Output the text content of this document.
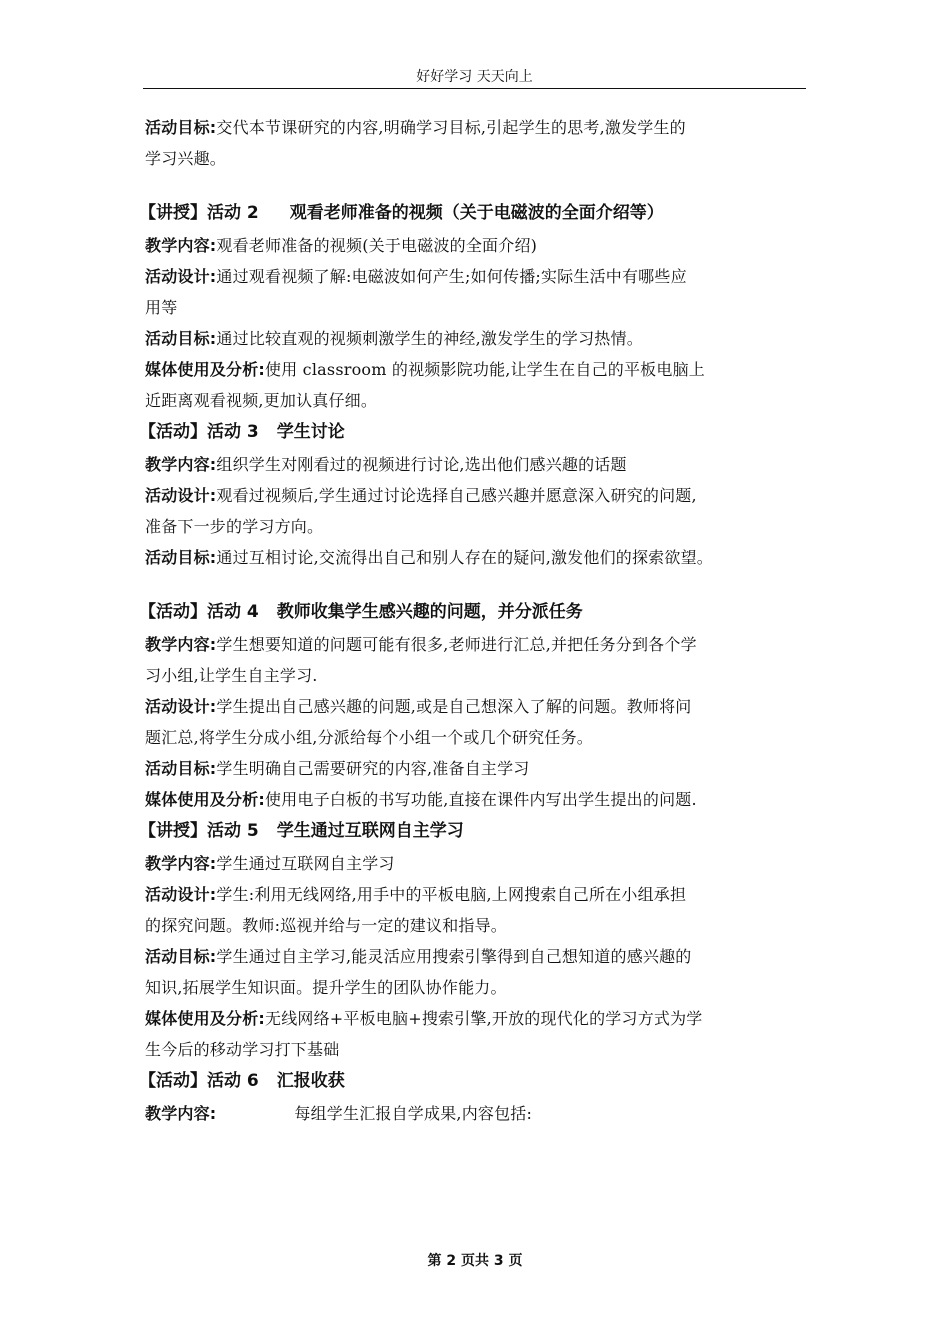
好好学习 天天向上
活动目标:交代本节课研究的内容,明确学习目标,引起学生的思考,激发学生的
学习兴趣。
【讲授】活动 2 观看老师准备的视频（关于电磁波的全面介绍等）
教学内容:观看老师准备的视频(关于电磁波的全面介绍)
活动设计:通过观看视频了解:电磁波如何产生;如何传播;实际生活中有哪些应
用等
活动目标:通过比较直观的视频刺激学生的神经,激发学生的学习热情。
媒体使用及分析:使用 classroom 的视频影院功能,让学生在自己的平板电脑上
近距离观看视频,更加认真仔细。
【活动】活动 3 学生讨论
教学内容:组织学生对刚看过的视频进行讨论,选出他们感兴趣的话题
活动设计:观看过视频后,学生通过讨论选择自己感兴趣并愿意深入研究的问题,
准备下一步的学习方向。
活动目标:通过互相讨论,交流得出自己和别人存在的疑问,激发他们的探索欲望。
【活动】活动 4 教师收集学生感兴趣的问题，并分派任务
教学内容:学生想要知道的问题可能有很多,老师进行汇总,并把任务分到各个学
习小组,让学生自主学习.
活动设计:学生提出自己感兴趣的问题,或是自己想深入了解的问题。教师将问
题汇总,将学生分成小组,分派给每个小组一个或几个研究任务。
活动目标:学生明确自己需要研究的内容,准备自主学习
媒体使用及分析:使用电子白板的书写功能,直接在课件内写出学生提出的问题.
【讲授】活动 5 学生通过互联网自主学习
教学内容:学生通过互联网自主学习
活动设计:学生:利用无线网络,用手中的平板电脑,上网搜索自己所在小组承担
的探究问题。教师:巡视并给与一定的建议和指导。
活动目标:学生通过自主学习,能灵活应用搜索引擎得到自己想知道的感兴趣的
知识,拓展学生知识面。提升学生的团队协作能力。
媒体使用及分析:无线网络+平板电脑+搜索引擎,开放的现代化的学习方式为学
生今后的移动学习打下基础
【活动】活动 6 汇报收获
教学内容:	每组学生汇报自学成果,内容包括:
第 2 页共 3 页
